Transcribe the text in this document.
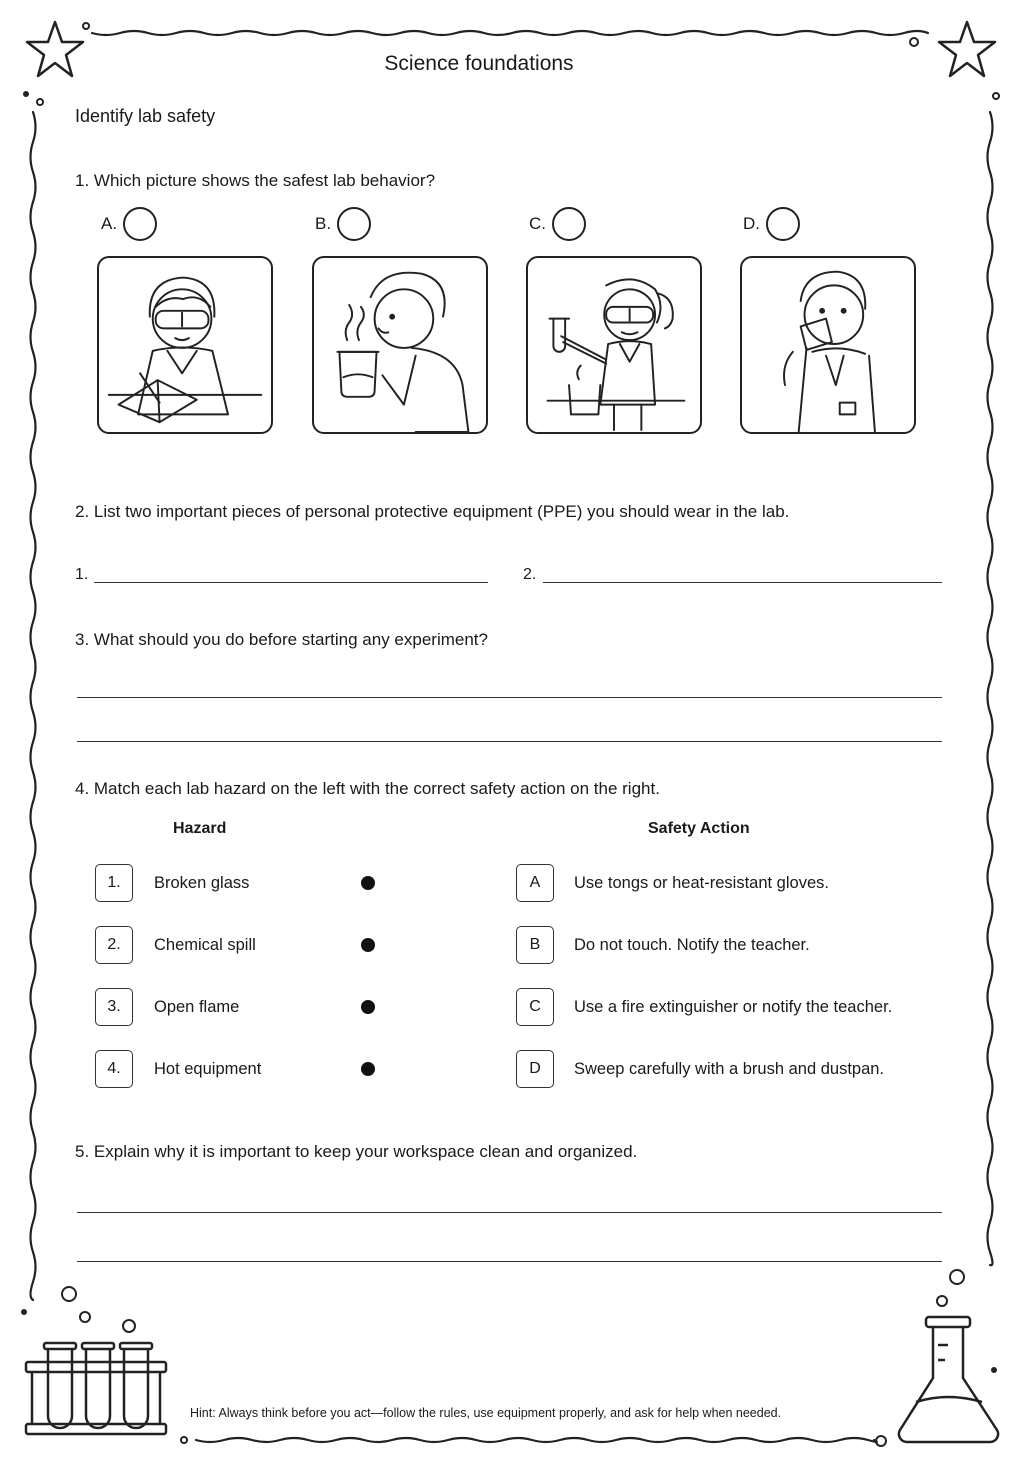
Science foundations
Identify lab safety
1. Which picture shows the safest lab behavior?
A.	B.	C.	D.
2. List two important pieces of personal protective equipment (PPE) you should wear in the lab.
1.	2.
3. What should you do before starting any experiment?
4. Match each lab hazard on the left with the correct safety action on the right.
Hazard	Safety Action
1.	Broken glass
2.	Chemical spill
3.	Open flame
4.	Hot equipment
A	Use tongs or heat-resistant gloves.
B	Do not touch. Notify the teacher.
C	Use a fire extinguisher or notify the teacher.
D	Sweep carefully with a brush and dustpan.
5. Explain why it is important to keep your workspace clean and organized.
Hint: Always think before you act—follow the rules, use equipment properly, and ask for help when needed.
